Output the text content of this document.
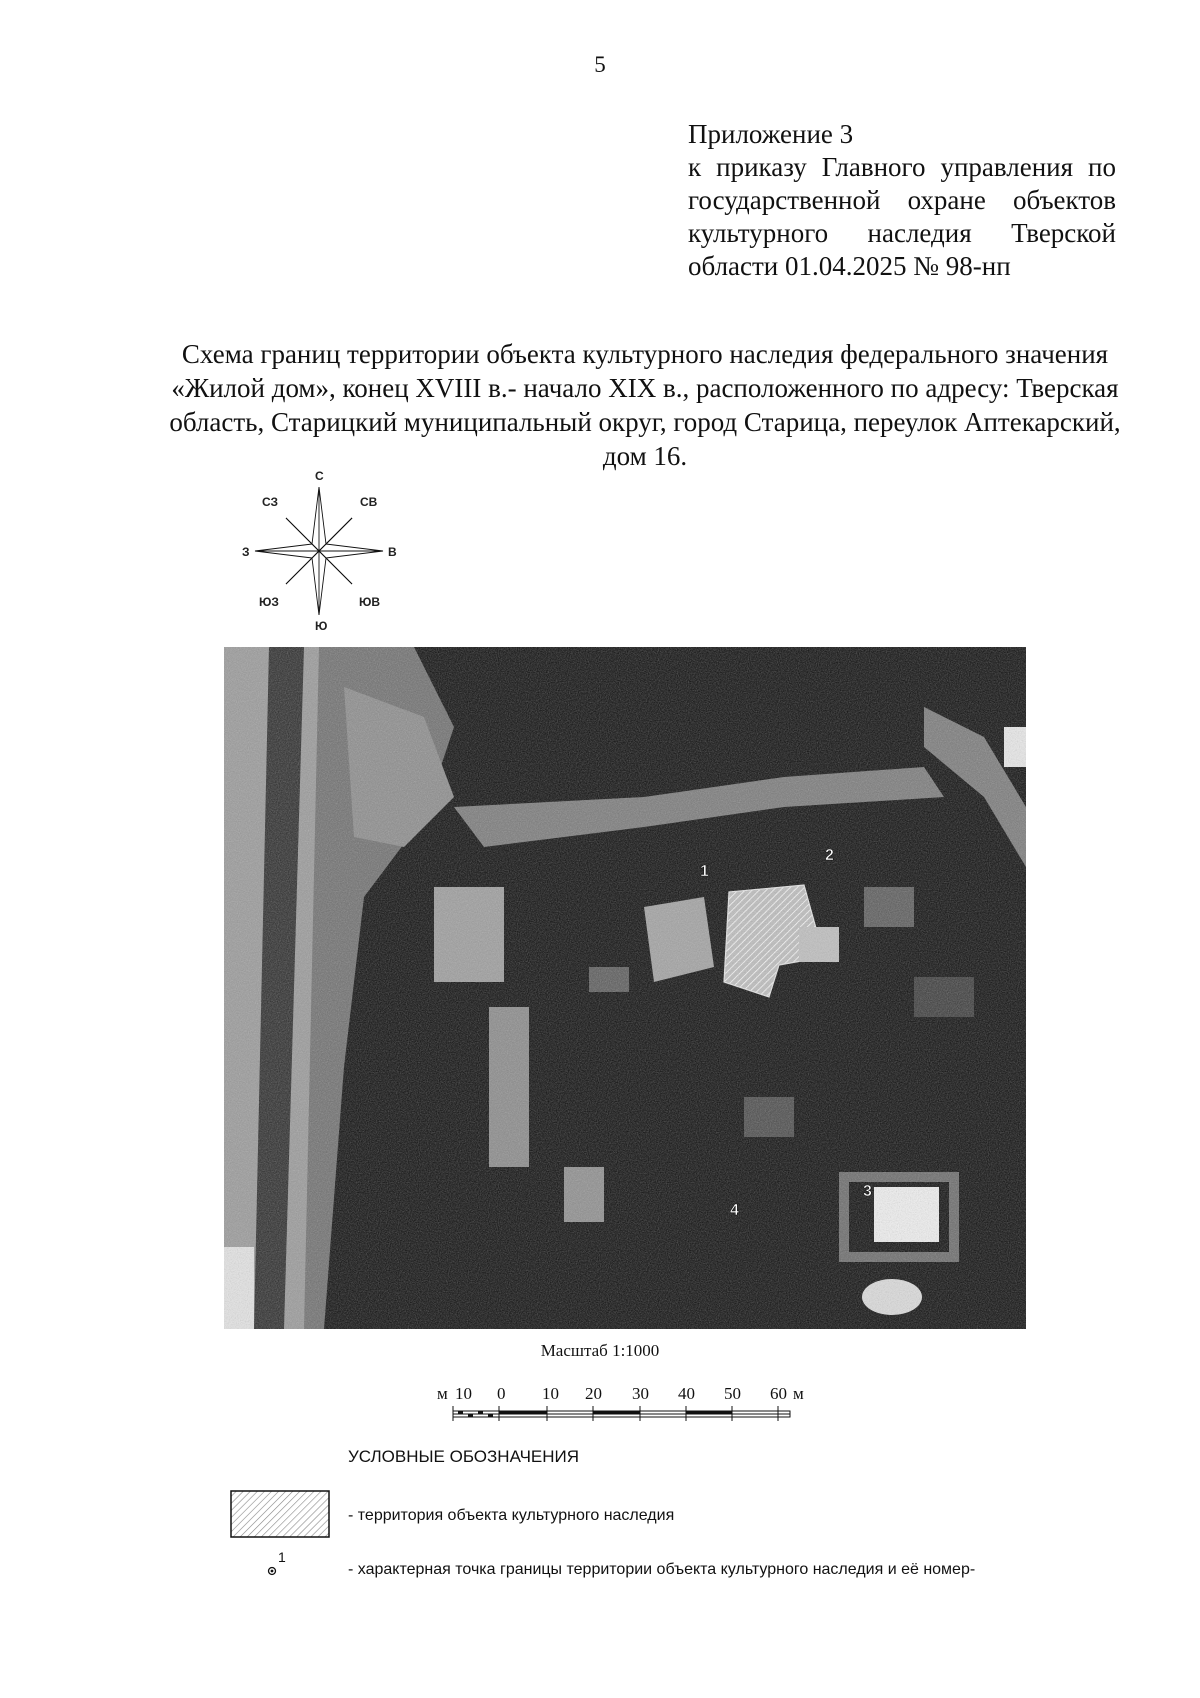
5
Приложение 3
к приказу Главного управления по государственной охране объектов культурного наследия Тверской области 01.04.2025 № 98-нп
Схема границ территории объекта культурного наследия федерального значения «Жилой дом», конец XVIII в.- начало XIX в., расположенного по адресу: Тверская область, Старицкий муниципальный округ, город Старица, переулок Аптекарский, дом 16.
С
СВ
В
ЮВ
Ю
ЮЗ
З
СЗ
1
2
3
4
Масштаб 1:1000
м 10 0 10 20 30 40 50 60 м
УСЛОВНЫЕ ОБОЗНАЧЕНИЯ
- территория объекта культурного наследия
1
- характерная точка границы территории объекта культурного наследия и её номер-
